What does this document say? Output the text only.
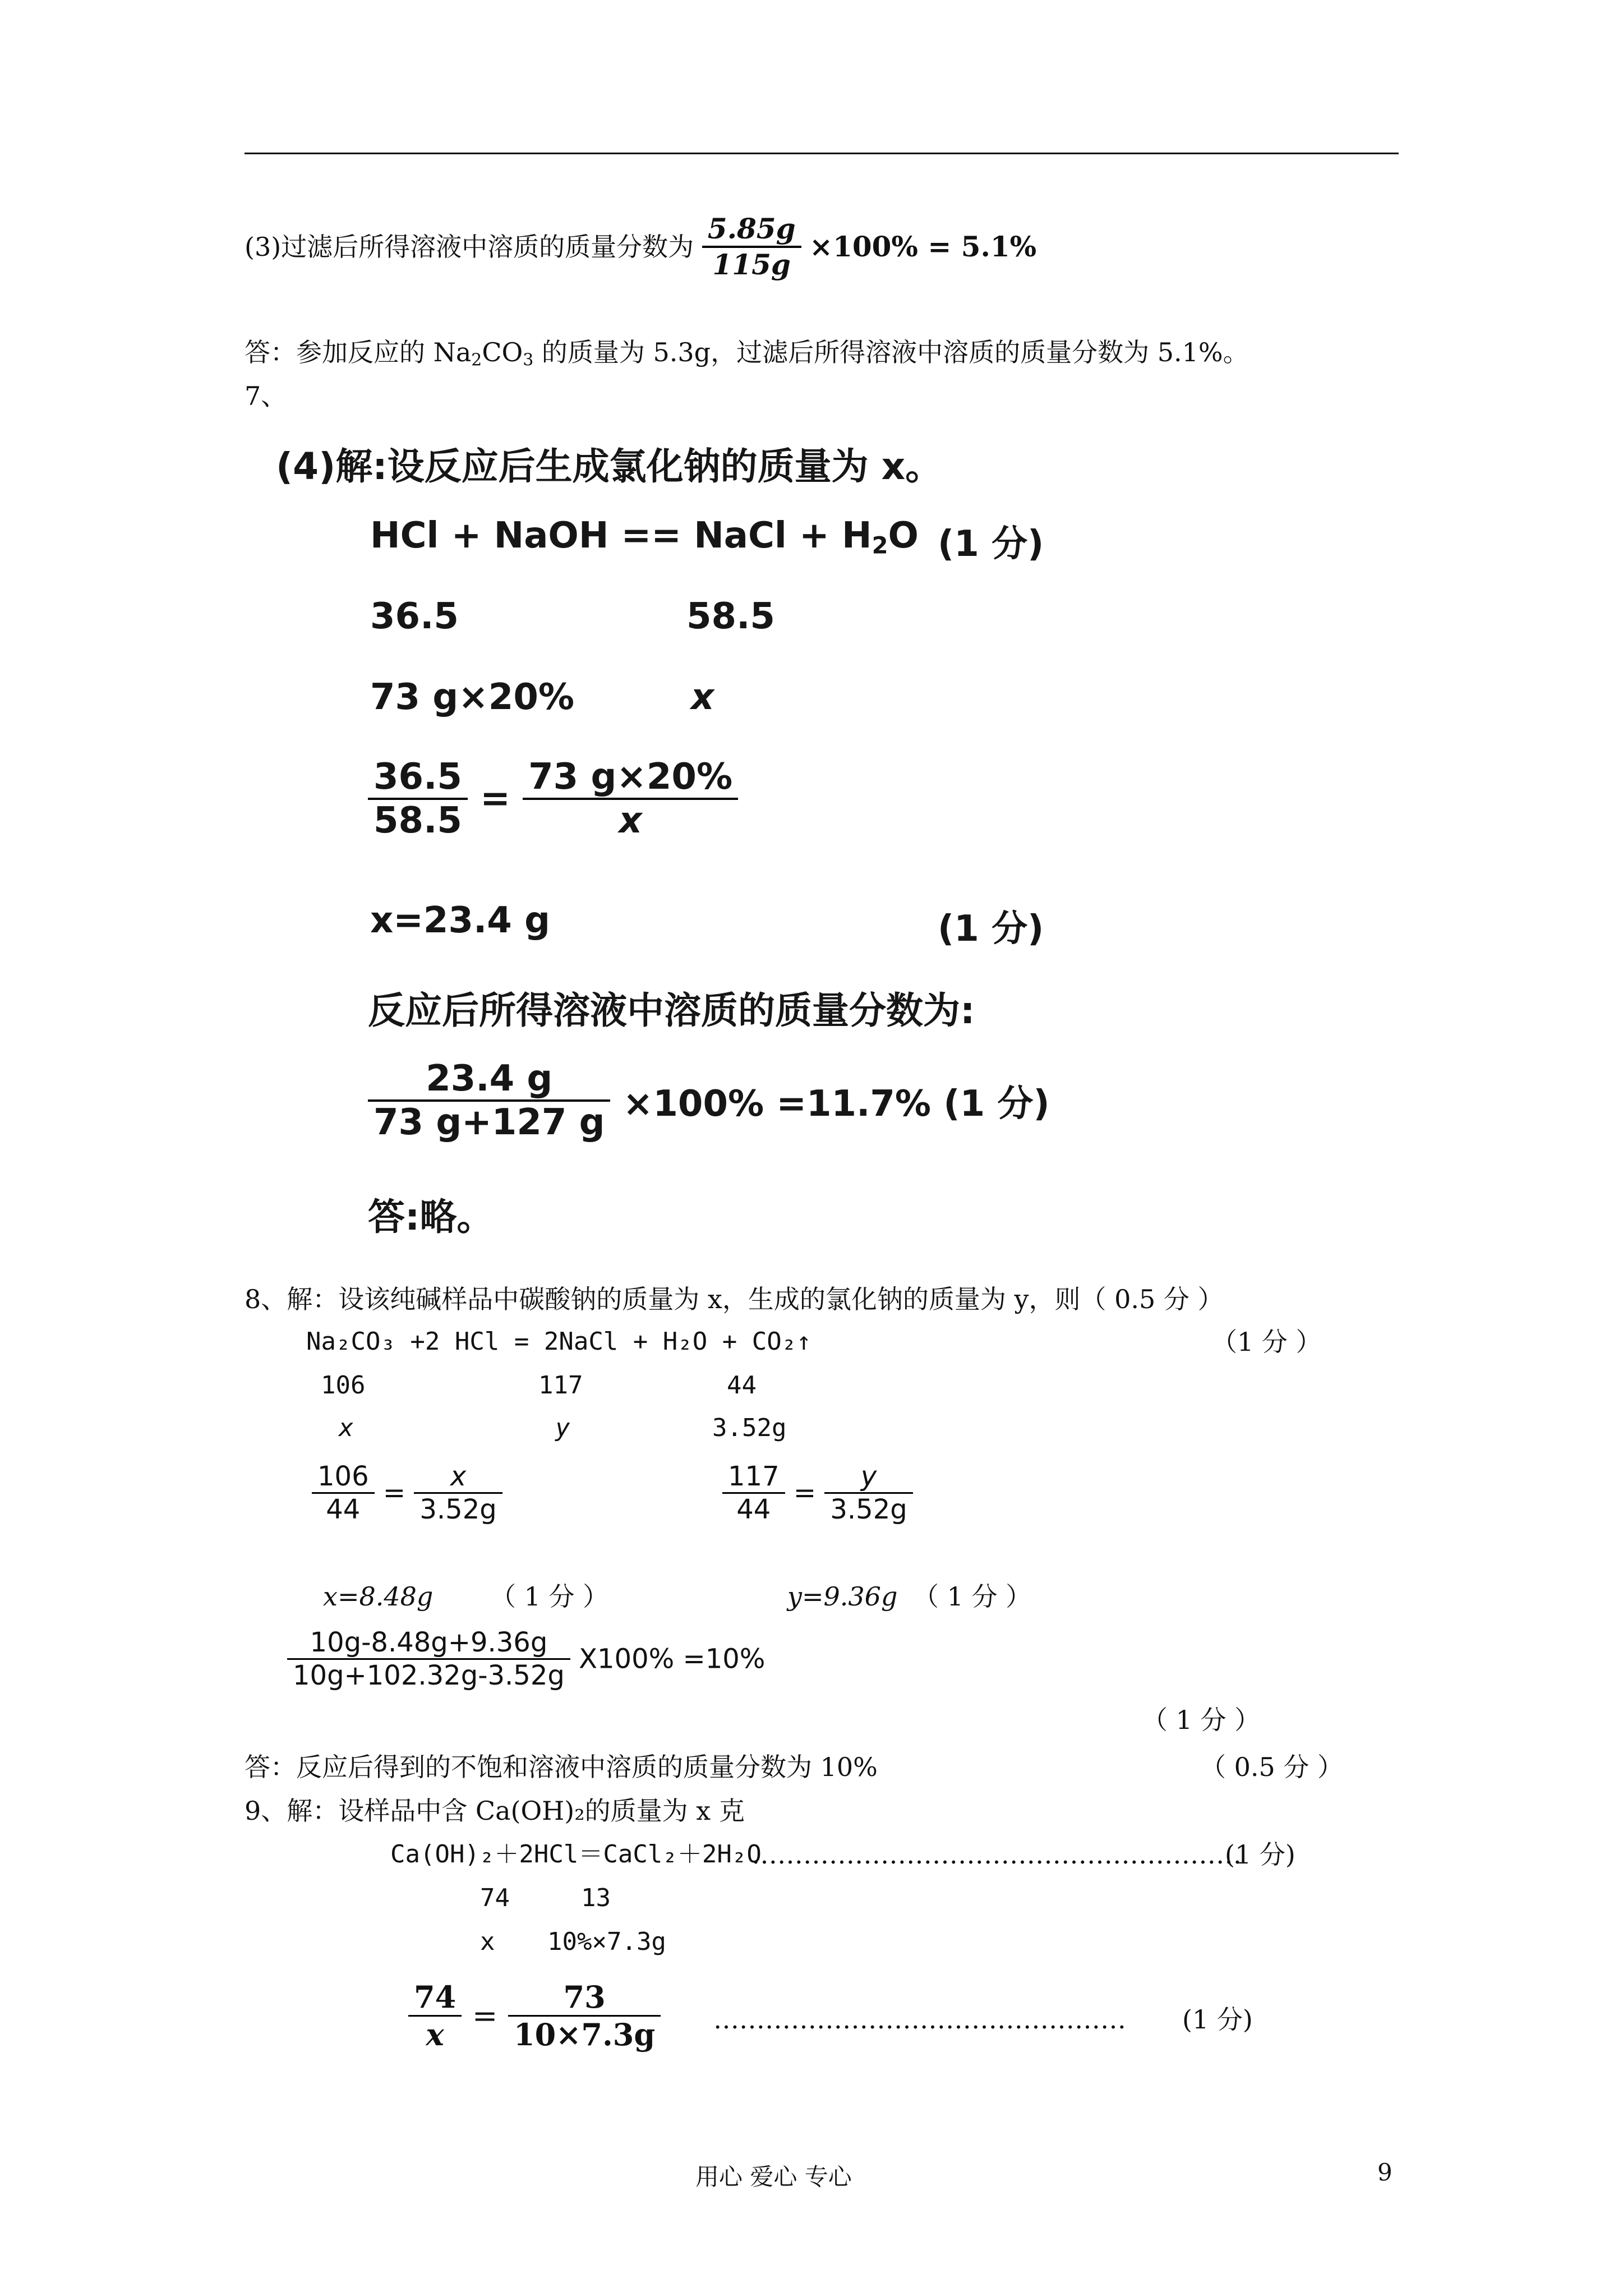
(3)过滤后所得溶液中溶质的质量分数为 $\frac{5.85g}{115g} \times 100\% = 5.1\%$
答：参加反应的 $Na_2CO_3$ 的质量为 5.3g，过滤后所得溶液中溶质的质量分数为 5.1%。
7、
(4)解:设反应后生成氯化钠的质量为 x。
HCl + NaOH == NaCl + $H_2O$ (1 分)
36.5	58.5
73 g×20%	x
$\frac{36.5}{58.5} = \frac{73 g\times 20\%}{x}$
x=23.4 g	(1 分)
反应后所得溶液中溶质的质量分数为:
$\frac{23.4 g}{73 g+127 g} \times 100\% =11.7\%$ (1 分)
答:略。
8、解：设该纯碱样品中碳酸钠的质量为 x，生成的氯化钠的质量为 y，则（ 0.5 分 ）
Na₂CO₃ +2 HCl = 2NaCl + H₂O + CO₂↑	（1 分 ）
106	117	44
x	y	3.52g
$\frac{106}{44} = \frac{x}{3.52g}$	$\frac{117}{44} = \frac{y}{3.52g}$
x=8.48g （ 1 分 ）	y=9.36g （ 1 分 ）
$\frac{10g-8.48g+9.36g}{10g+102.32g-3.52g} X100\% =10\%$
（ 1 分 ）
答：反应后得到的不饱和溶液中溶质的质量分数为 10%	（ 0.5 分 ）
9、解：设样品中含 Ca(OH)₂的质量为 x 克
Ca(OH)₂＋2HCl＝CaCl₂＋2H₂O
…………………………………………………
(1 分)
74	13
x 10%×7.3g
$\frac{74}{x} = \frac{73}{10\times 7.3g}$ ………………………………………… (1 分)
用心 爱心 专心	9
